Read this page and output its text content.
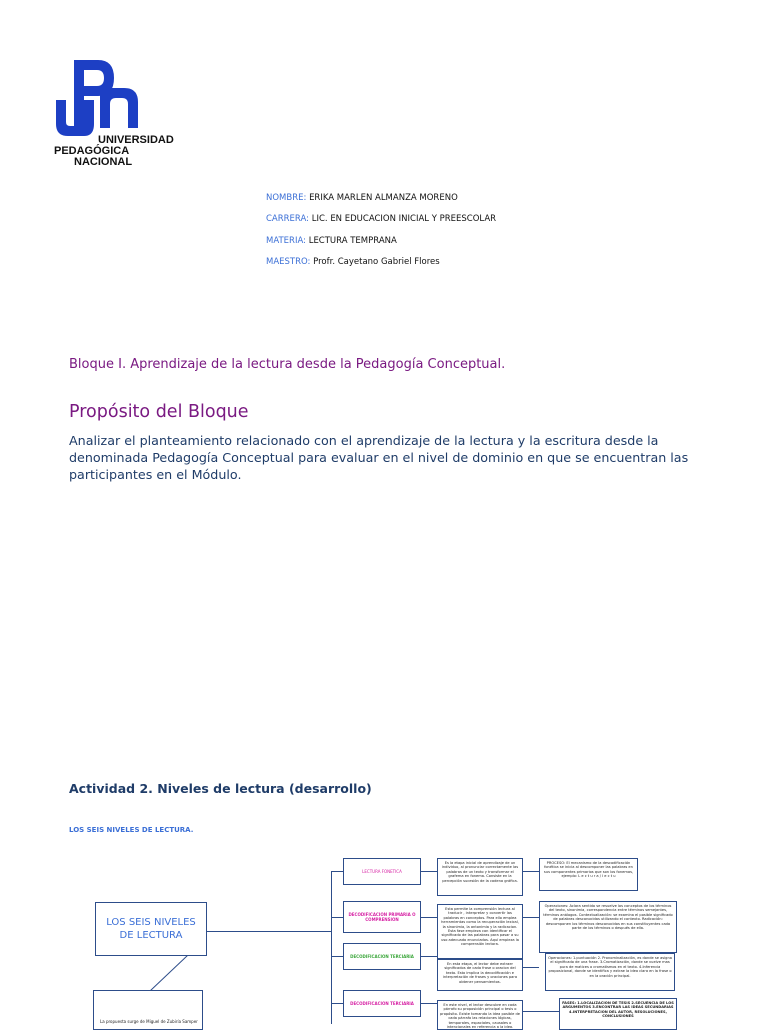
UNIVERSIDAD
PEDAGÓGICA
NACIONAL
NOMBRE: ERIKA MARLEN ALMANZA MORENO
CARRERA: LIC. EN EDUCACION INICIAL Y PREESCOLAR
MATERIA: LECTURA TEMPRANA
MAESTRO: Profr. Cayetano Gabriel Flores
Bloque I. Aprendizaje de la lectura desde la Pedagogía Conceptual.
Propósito del Bloque
Analizar el planteamiento relacionado con el aprendizaje de la lectura y la escritura desde la denominada Pedagogía Conceptual para evaluar en el nivel de dominio en que se encuentran las participantes en el Módulo.
Actividad 2. Niveles de lectura (desarrollo)
LOS SEIS NIVELES DE LECTURA.
LOS SEIS NIVELES DE LECTURA
La propuesta surge de Miguel de Zubiría Samper
LECTURA FONETICA
DECODIFICACION PRIMARIA O COMPRENSION
DECODIFICACION TERCIARIA
DECODIFICACION TERCIARIA
Es la etapa inicial de aprendizaje de un individuo, al pronunciar correctamente las palabras de un texto y transformar el grafema en fonema. Consiste en la percepción sucesión de la cadena gráfica.
Esta permite la comprensión lectura al traducir , interpretar y convertir las palabras en conceptos. Para ello emplea herramientas como la recuperación lexical, la sinonimia, la antonimia y la radicacion. Esta fase empieza con identificar el significado de las palabras para pasar a su uso adecuado enunciados. Aquí empieza la comprensión lectora.
En esta etapa, el lector debe extraer significados de cada frase o oracion del texto. Esto implica la decodificación e interpretación de frases y oraciones para obtener pensamientos.
En este nivel, el lector descubre en cada párrafo su proposición principal o tesis o propósito. Existe tomando la idea posible de cada párrafo las relaciones lógicas, temporales, espaciales, causales o intencionales en referencia a la idea.
PROCESO: El mecanismo de la descodificación fonética se inicia al descomponer las palabras en sus componentes primarios que son los fonemas, ejemplo: L e c t u r a / l e c t u
Operaciones: Aclara sentido se resuelve los conceptos de los términos del texto, sinonimia, correspondencia entre términos semejantes, términos análogos. Contextualización: se examina el posible significado de palabras desconocidas utilizando el contexto. Radicación: descomponen los términos desconocidos en sus constituyentes cada parte de los términos o después de ella.
Operaciones: 1.puntuación 2. Pronominalización, es donde se asigna el significado de una frase. 3.Cromatización, donde se vuelve mas pura de matices o cromatismos en el texto. 4.Inferencia proposicional, donde se identifica y extrae la idea clara en la frase o en la oración principal.
FASES: 1.LOCALIZACION DE TESIS 2.SECUENCIA DE LOS ARGUMENTOS 3.ENCONTRAR LAS IDEAS SECUNDARIAS 4.INTERPRETACION DEL AUTOR, RESOLUCIONES, CONCLUSIONES
